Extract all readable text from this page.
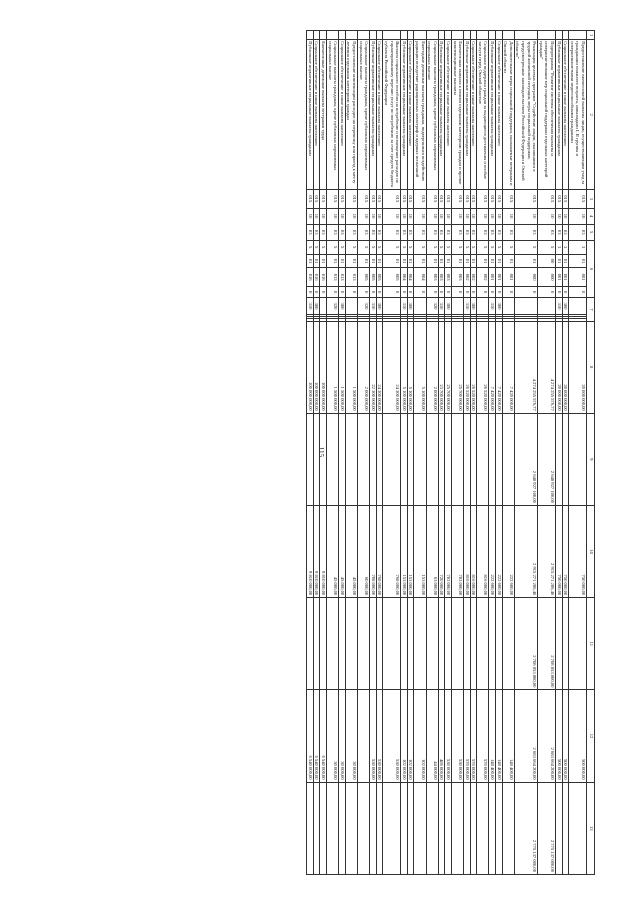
115
1	2	3	4	5	6				7				8	9	10	11	12	13
	Предоставление ежемесячной выплаты лицам, осуществляющим уход за гражданами пожилого возраста, инвалидами I, II группы и совершеннолетними недееспособными гражданами	015	10	03	3	01	001	0					20 000 000,00		750 000,00		500 000,00	
	Социальное обеспечение и иные выплаты населению	015	10	03	3	01	001	0	300				20 000 000,00		750 000,00		500 000,00	
	Публичные нормативные социальные выплаты гражданам	015	10	03	3	01	001	0	310				20 000 000,00		750 000,00		500 000,00	
	Подпрограмма "Развитие системы обеспечения выплаты и совершенствование мер социальной поддержки отдельных категорий граждан"	015	10	03	5	00	000	0					4 274 255 576,77	2 648 927 100,00	2 915 271 286,46	2 708 853 800,00	2 683 664 200,00	2 775 137 000,00
	Реализация целевых программ "Содействие лицам, оказавшимся в трудной жизненной ситуации, меры социальной поддержки, предусмотренные законодательством Российской Федерации и Омской области"	015	10	03	5	01	000	0					4 274 255 576,77	2 648 927 100,00	2 915 271 286,46	2 708 853 800,00	2 683 664 200,00	2 775 137 000,00
	Дополнительные меры социальной поддержки, оказываемые ветеранам и Омской области	015	10	03	5	01	001	0					7 420 000,00		222 600,00		148 400,00	
	Социальное обеспечение и иные выплаты населению	015	10	03	5	01	001	0	300				7 420 000,00		222 600,00		148 400,00	
	Публичные нормативные социальные выплаты гражданам	015	10	03	5	01	001	0	310				7 420 000,00		222 600,00		148 400,00	
	Социальная поддержка граждан за выдающиеся достижения и особые заслуги перед Омской областью	015	10	03	5	01	002	0					26 520 000,00		816 000,00		570 000,00	
	Социальное обеспечение и иные выплаты населению	015	10	03	5	01	002	0	300				26 520 000,00		816 000,00		570 000,00	
	Публичные нормативные социальные выплаты гражданам	015	10	03	5	01	002	0	310				26 520 000,00		816 000,00		570 000,00	
	Ежемесячная выплата к пенсии отдельным категориям граждан и прочие компенсационные выплаты	015	10	03	5	01	003	0					25 700 000,00		783 000,00		530 000,00	
	Социальное обеспечение и иные выплаты населению	015	10	03	5	01	003	0	300				25 700 000,00		783 000,00		530 000,00	
	Публичные нормативные социальные выплаты гражданам	015	10	03	5	01	003	0	310				23 700 000,00		720 000,00		486 000,00	
	Социальные выплаты гражданам, кроме публичных нормативных социальных выплат	015	10	03	5	01	003	0	320				2 000 000,00		63 000,00		44 000,00	
	Ежегодные денежные выплаты гражданам, подвергшимся воздействию радиации вследствие радиационных катастроф и ядерных испытаний	015	10	03	5	01	004	0					5 100 000,00		153 000,00		102 000,00	
	Социальное обеспечение и иные выплаты населению	015	10	03	5	01	004	0	300				5 100 000,00		153 000,00		102 000,00	
	Публичные нормативные социальные выплаты гражданам	015	10	03	5	01	004	0	310				5 100 000,00		153 000,00		102 000,00	
	Выплата социального пособия на погребение и возмещение расходов по гарантированному перечню услуг по погребению за счет средств бюджета субъекта Российской Федерации	015	10	03	5	01	005	0					24 300 000,00		768 000,00		530 000,00	
	Социальное обеспечение и иные выплаты населению	015	10	03	5	01	005	0	300				24 300 000,00		768 000,00		530 000,00	
	Публичные нормативные социальные выплаты гражданам	015	10	03	5	01	005	0	310				22 300 000,00		708 000,00		530 000,00	
	Социальные выплаты гражданам, кроме публичных нормативных социальных выплат	015	10	03	5	01	005	0	320				2 000 000,00		60 000,00			
	Предоставление компенсации расходов на перевозку или проезд к месту лечения отдельным категориям граждан	015	10	03	5	01	013	0					1 500 000,00		45 000,00		30 000,00	
	Социальное обеспечение и иные выплаты населению	015	10	03	5	01	013	0	300				1 500 000,00		45 000,00		30 000,00	
	Социальные выплаты гражданам, кроме публичных нормативных социальных выплат	015	10	03	5	01	013	0	320				1 500 000,00		45 000,00		30 000,00	
	Ежемесячные денежные выплаты ветеранам труда	015	10	03	5	01	016	0					100 000 000,00		9 810 000,00		6 540 000,00	
	Социальное обеспечение и иные выплаты населению	015	10	03	5	01	016	0	300				100 000 000,00		9 810 000,00		6 540 000,00	
	Публичные нормативные социальные выплаты гражданам	015	10	03	5	01	016	0	310				100 000 000,00		9 810 000,00		6 540 000,00	
